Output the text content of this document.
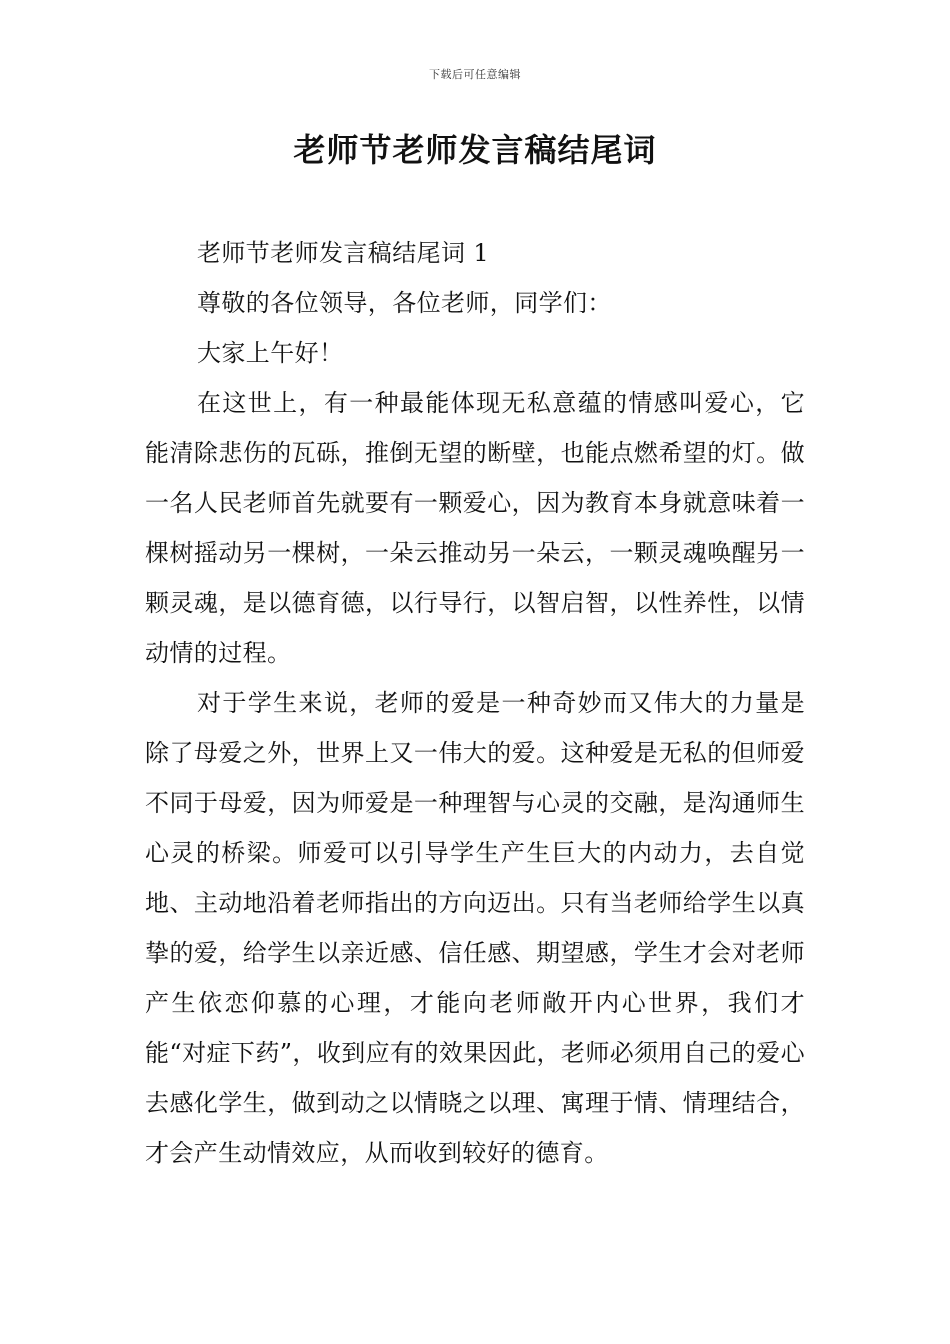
下载后可任意编辑
老师节老师发言稿结尾词

老师节老师发言稿结尾词 1

尊敬的各位领导，各位老师，同学们：

大家上午好！

在这世上，有一种最能体现无私意蕴的情感叫爱心，它能清除悲伤的瓦砾，推倒无望的断壁，也能点燃希望的灯。做一名人民老师首先就要有一颗爱心，因为教育本身就意味着一棵树摇动另一棵树，一朵云推动另一朵云，一颗灵魂唤醒另一颗灵魂，是以德育德，以行导行，以智启智，以性养性，以情动情的过程。

对于学生来说，老师的爱是一种奇妙而又伟大的力量是除了母爱之外，世界上又一伟大的爱。这种爱是无私的但师爱不同于母爱，因为师爱是一种理智与心灵的交融，是沟通师生心灵的桥梁。师爱可以引导学生产生巨大的内动力，去自觉地、主动地沿着老师指出的方向迈出。只有当老师给学生以真挚的爱，给学生以亲近感、信任感、期望感，学生才会对老师产生依恋仰慕的心理，才能向老师敞开内心世界，我们才能“对症下药”，收到应有的效果因此，老师必须用自己的爱心去感化学生，做到动之以情晓之以理、寓理于情、情理结合，才会产生动情效应，从而收到较好的德育。
